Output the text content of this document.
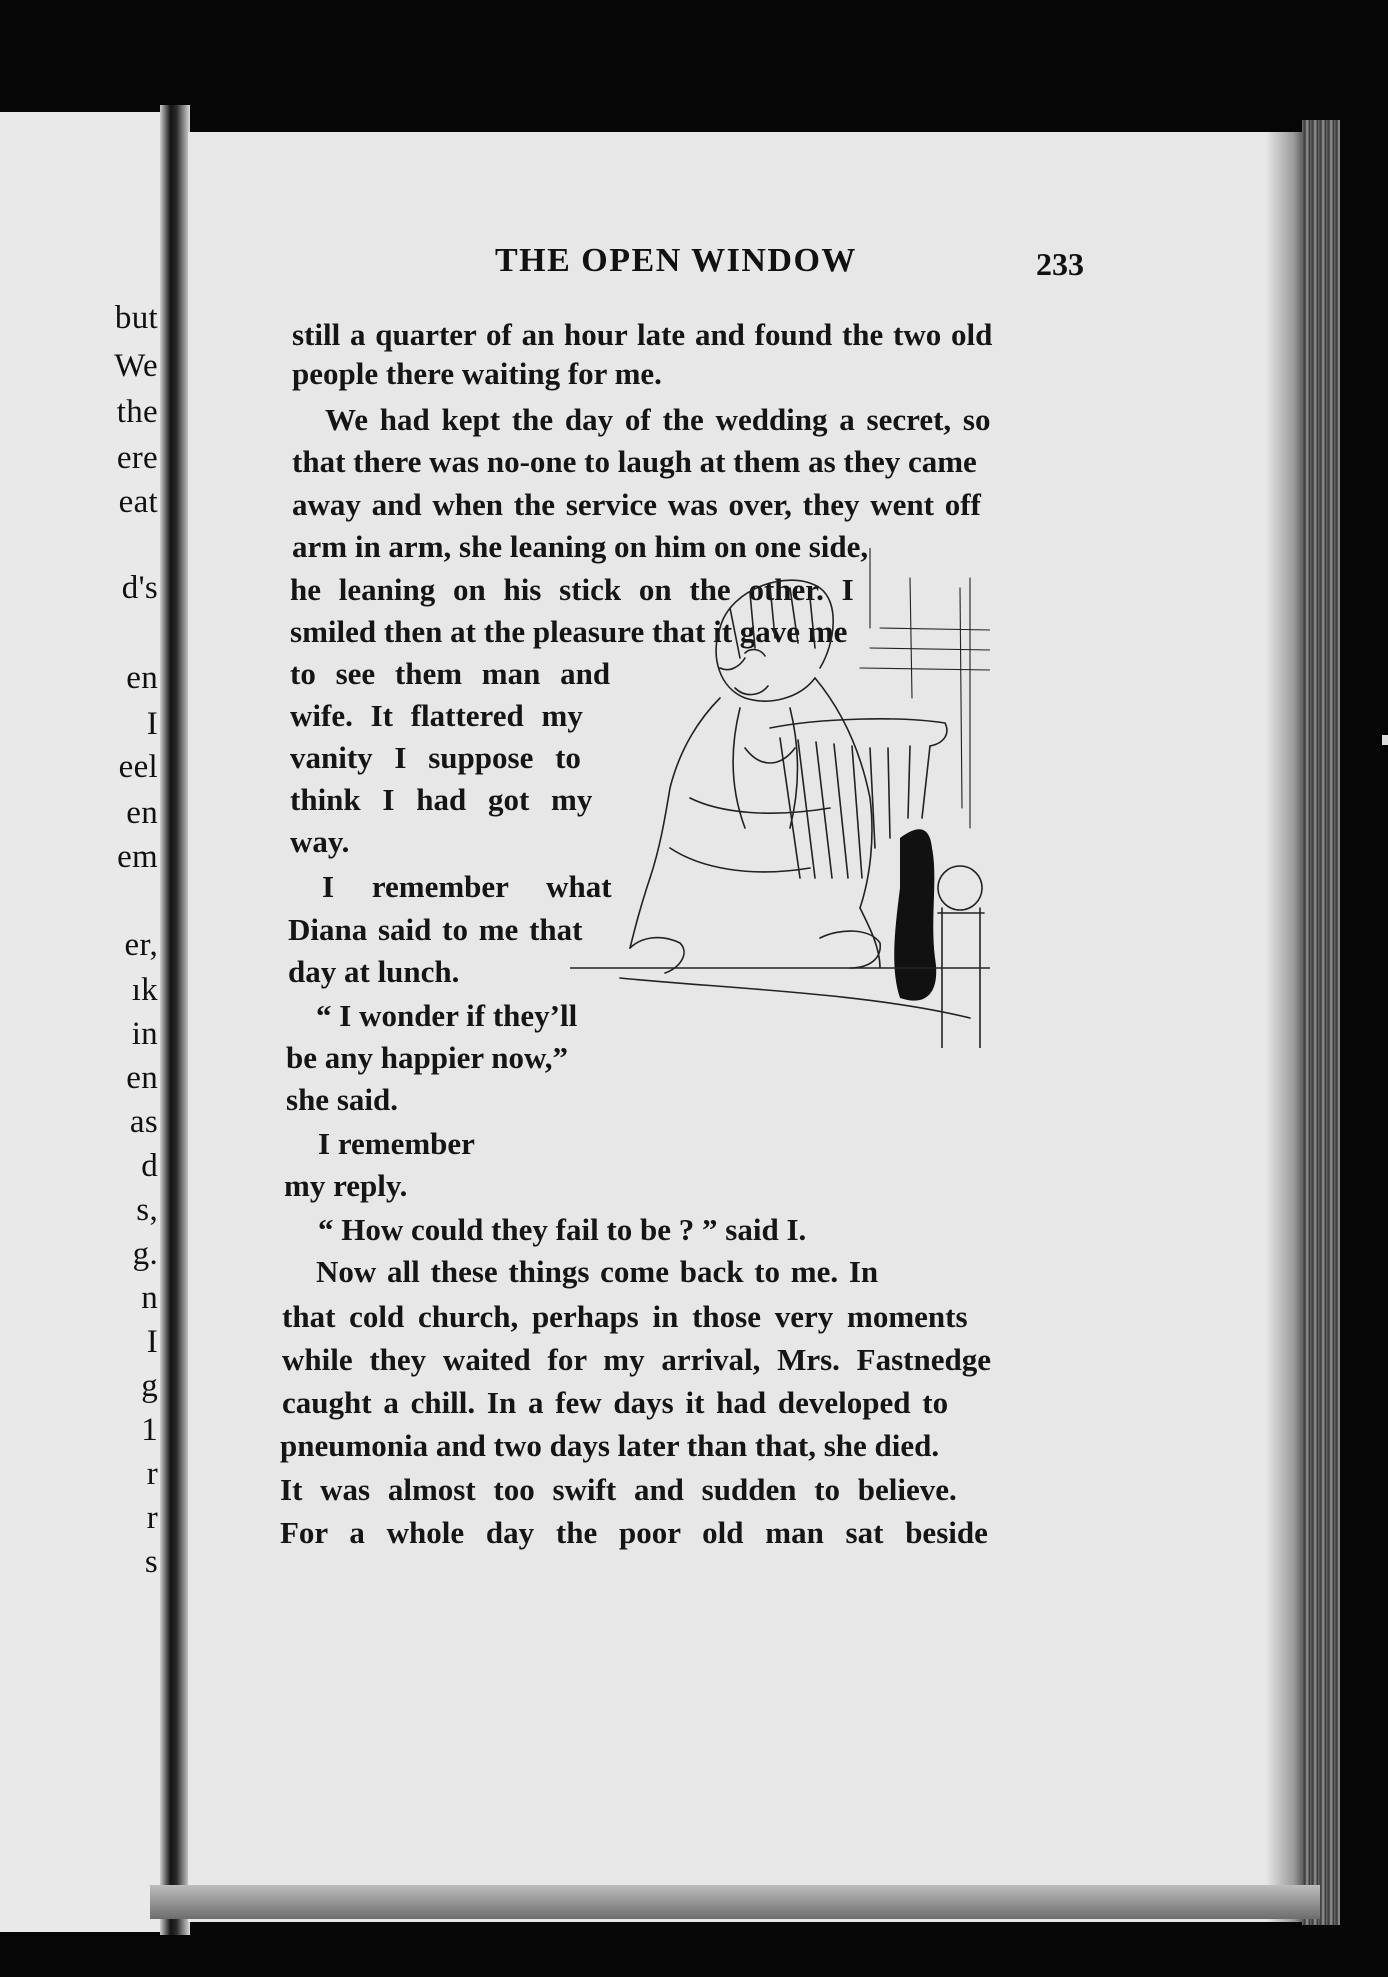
but
We
the
ere
eat
d's
en
I
eel
en
em
er,
ık
in
en
as
d
s,
g.
n
I
g
1
r
r
s
THE OPEN WINDOW	233
still a quarter of an hour late and found the two old
people there waiting for me.
We had kept the day of the wedding a secret, so
that there was no-one to laugh at them as they came
away and when the service was over, they went off
arm in arm, she leaning on him on one side,
he leaning on his stick on the other. I
smiled then at the pleasure that it gave me
to see them man and
wife. It flattered my
vanity I suppose to
think I had got my
way.
I remember what
Diana said to me that
day at lunch.
“ I wonder if they’ll
be any happier now,”
she said.
I remember
my reply.
“ How could they fail to be ? ” said I.
Now all these things come back to me. In
that cold church, perhaps in those very moments
while they waited for my arrival, Mrs. Fastnedge
caught a chill. In a few days it had developed to
pneumonia and two days later than that, she died.
It was almost too swift and sudden to believe.
For a whole day the poor old man sat beside
